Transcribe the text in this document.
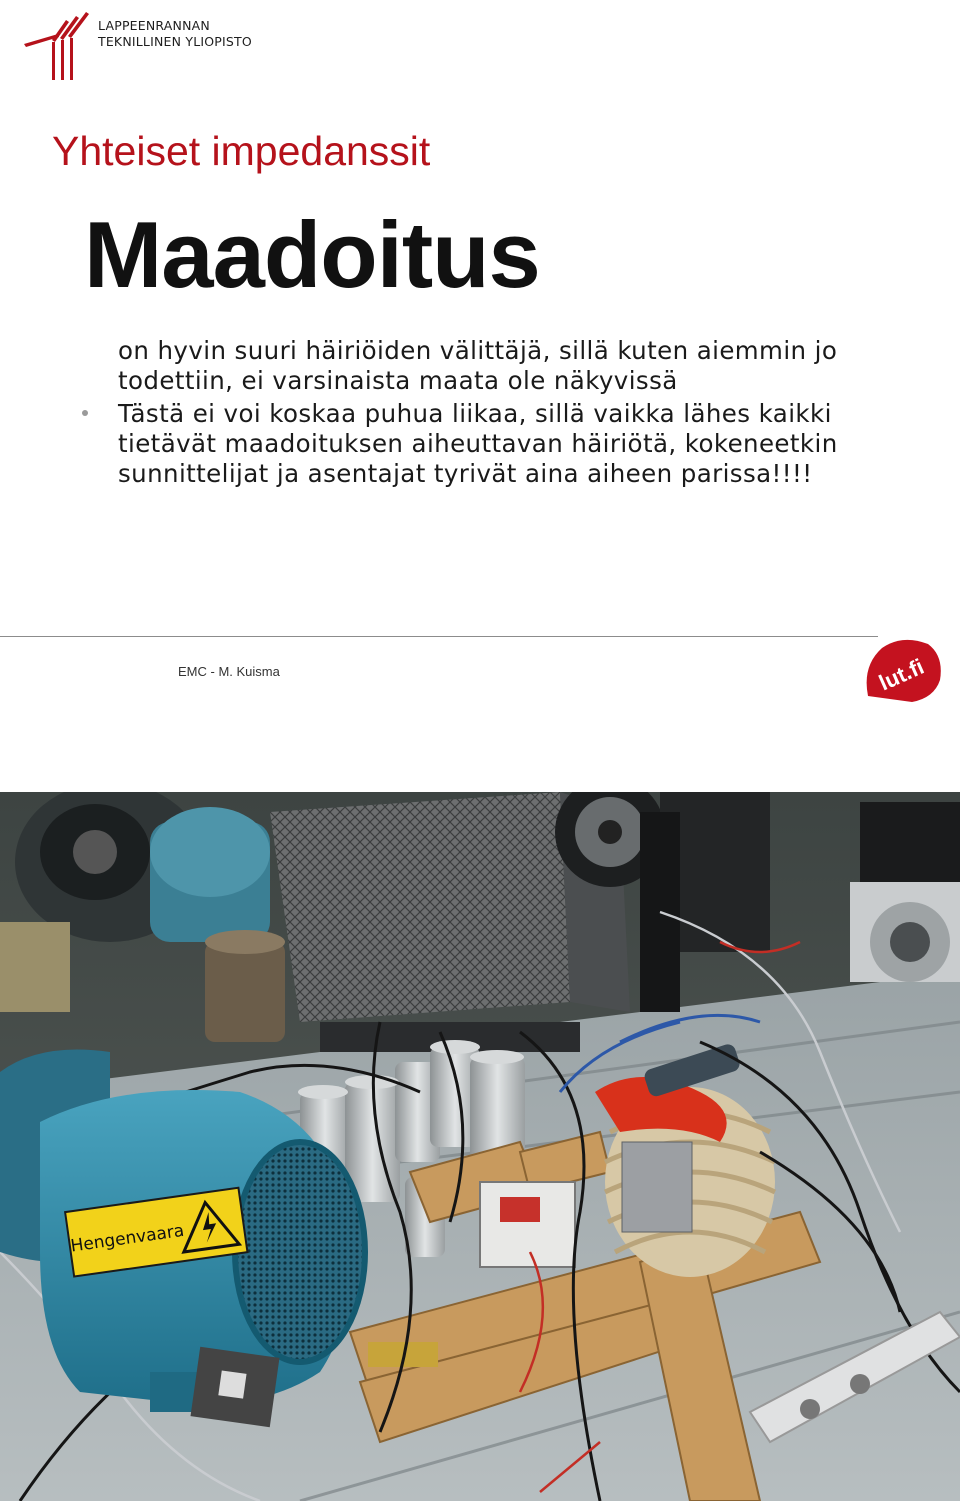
LAPPEENRANNAN
TEKNILLINEN YLIOPISTO
Yhteiset impedanssit
Maadoitus

on hyvin suuri häiriöiden välittäjä, sillä kuten aiemmin jo todettiin, ei varsinaista maata ole näkyvissä

Tästä ei voi koskaa puhua liikaa, sillä vaikka lähes kaikki tietävät maadoituksen aiheuttavan häiriötä, kokeneetkin sunnittelijat ja asentajat tyrivät aina aiheen parissa!!!!
EMC - M. Kuisma	lut.fi
Hengenvaara
